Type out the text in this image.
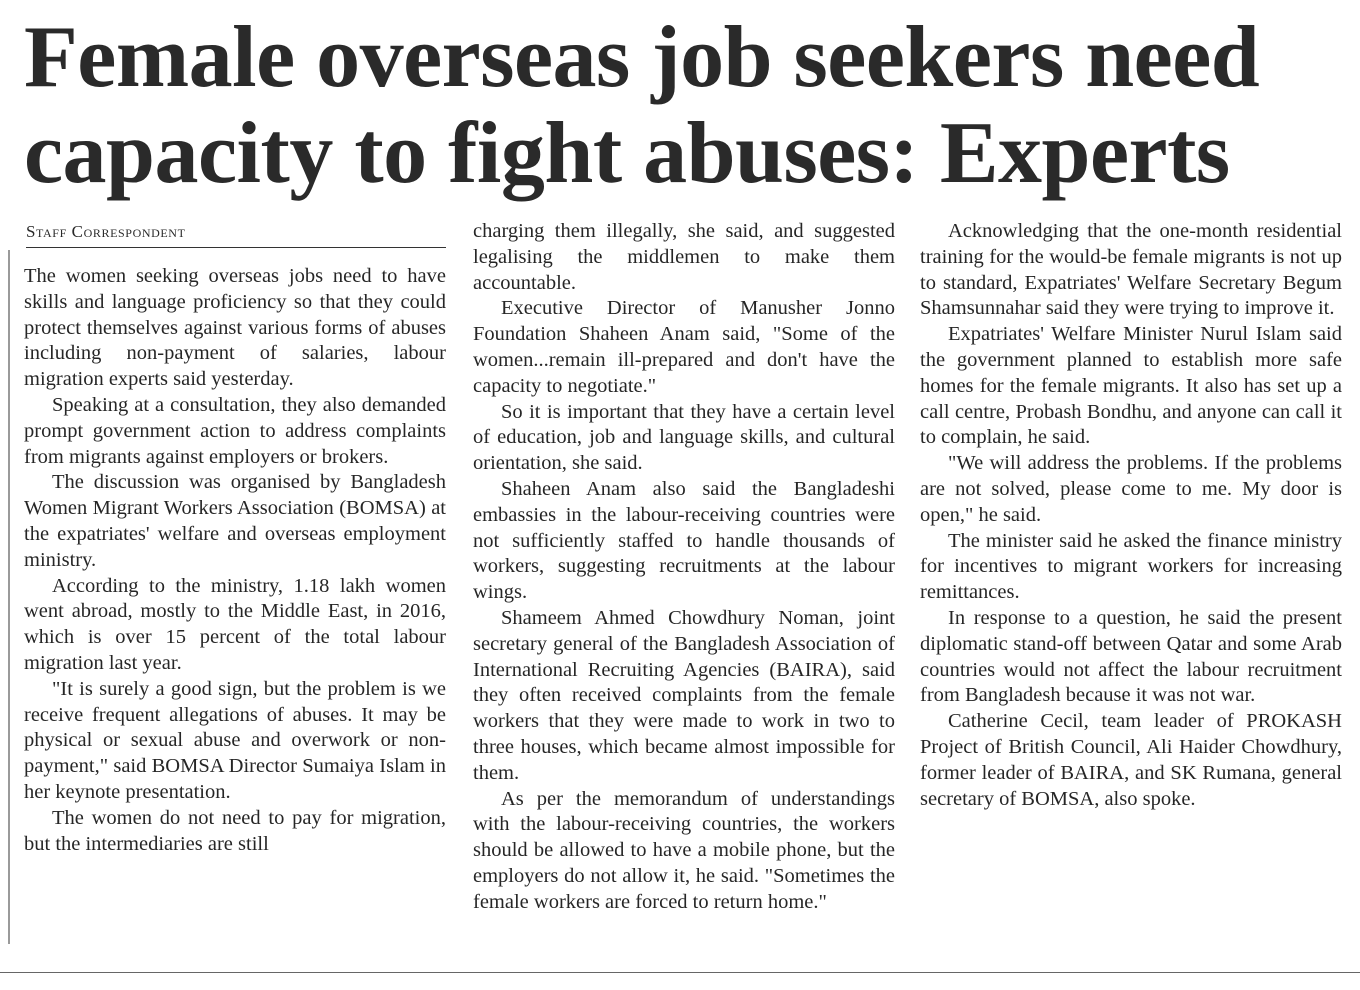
Female overseas job seekers need
capacity to fight abuses: Experts
Staff Correspondent

The women seeking overseas jobs need to have skills and language proficiency so that they could protect themselves against various forms of abuses including non-payment of salaries, labour migration experts said yesterday.

Speaking at a consultation, they also demanded prompt government action to address complaints from migrants against employers or brokers.

The discussion was organised by Bangladesh Women Migrant Workers Association (BOMSA) at the expatriates' welfare and overseas employment ministry.

According to the ministry, 1.18 lakh women went abroad, mostly to the Middle East, in 2016, which is over 15 percent of the total labour migration last year.

"It is surely a good sign, but the problem is we receive frequent allegations of abuses. It may be physical or sexual abuse and overwork or non-payment," said BOMSA Director Sumaiya Islam in her keynote presentation.

The women do not need to pay for migration, but the intermediaries are still

charging them illegally, she said, and suggested legalising the middlemen to make them accountable.

Executive Director of Manusher Jonno Foundation Shaheen Anam said, "Some of the women...remain ill-prepared and don't have the capacity to negotiate."

So it is important that they have a certain level of education, job and language skills, and cultural orientation, she said.

Shaheen Anam also said the Bangladeshi embassies in the labour-receiving countries were not sufficiently staffed to handle thousands of workers, suggesting recruitments at the labour wings.

Shameem Ahmed Chowdhury Noman, joint secretary general of the Bangladesh Association of International Recruiting Agencies (BAIRA), said they often received complaints from the female workers that they were made to work in two to three houses, which became almost impossible for them.

As per the memorandum of understandings with the labour-receiving countries, the workers should be allowed to have a mobile phone, but the employers do not allow it, he said. "Sometimes the female workers are forced to return home."

Acknowledging that the one-month residential training for the would-be female migrants is not up to standard, Expatriates' Welfare Secretary Begum Shamsunnahar said they were trying to improve it.

Expatriates' Welfare Minister Nurul Islam said the government planned to establish more safe homes for the female migrants. It also has set up a call centre, Probash Bondhu, and anyone can call it to complain, he said.

"We will address the problems. If the problems are not solved, please come to me. My door is open," he said.

The minister said he asked the finance ministry for incentives to migrant workers for increasing remittances.

In response to a question, he said the present diplomatic stand-off between Qatar and some Arab countries would not affect the labour recruitment from Bangladesh because it was not war.

Catherine Cecil, team leader of PROKASH Project of British Council, Ali Haider Chowdhury, former leader of BAIRA, and SK Rumana, general secretary of BOMSA, also spoke.
